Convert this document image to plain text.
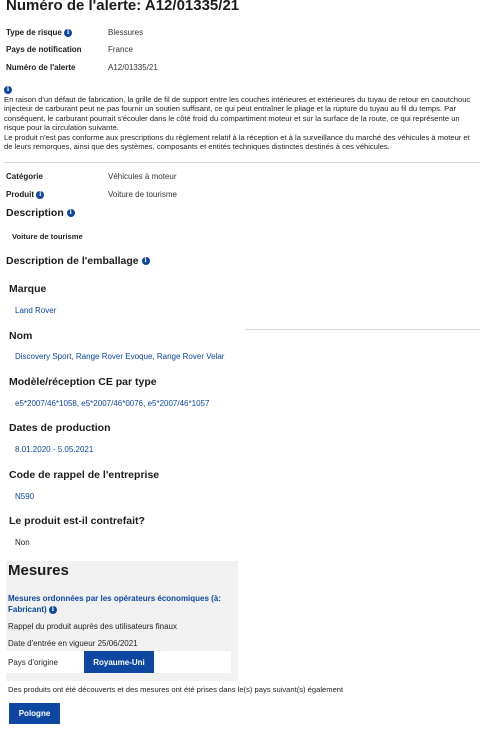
Numéro de l'alerte: A12/01335/21
Type de risque i	Blessures
Pays de notification	France
Numéro de l'alerte	A12/01335/21
i
En raison d'un défaut de fabrication, la grille de fil de support entre les couches intérieures et extérieures du tuyau de retour en caoutchouc injecteur de carburant peut ne pas fournir un soutien suffisant, ce qui peut entraîner le pliage et la rupture du tuyau au fil du temps. Par conséquent, le carburant pourrait s'écouler dans le côté froid du compartiment moteur et sur la surface de la route, ce qui représente un risque pour la circulation suivante.
Le produit n'est pas conforme aux prescriptions du règlement relatif à la réception et à la surveillance du marché des véhicules à moteur et de leurs remorques, ainsi que des systèmes, composants et entités techniques distinctes destinés à ces véhicules.
Catégorie	Véhicules à moteur
Produit i	Voiture de tourisme
Description i
Voiture de tourisme
Description de l'emballage i
Marque
Land Rover
Nom
Discovery Sport, Range Rover Evoque, Range Rover Velar
Modèle/réception CE par type
e5*2007/46*1058, e5*2007/46*0076, e5*2007/46*1057
Dates de production
8.01.2020 - 5.05.2021
Code de rappel de l'entreprise
N590
Le produit est-il contrefait?
Non
Mesures
Mesures ordonnées par les opérateurs économiques (à: Fabricant) i
Rappel du produit auprès des utilisateurs finaux
Date d'entrée en vigueur 25/06/2021
Pays d'origine	Royaume-Uni
Des produits ont été découverts et des mesures ont été prises dans le(s) pays suivant(s) également
Pologne
